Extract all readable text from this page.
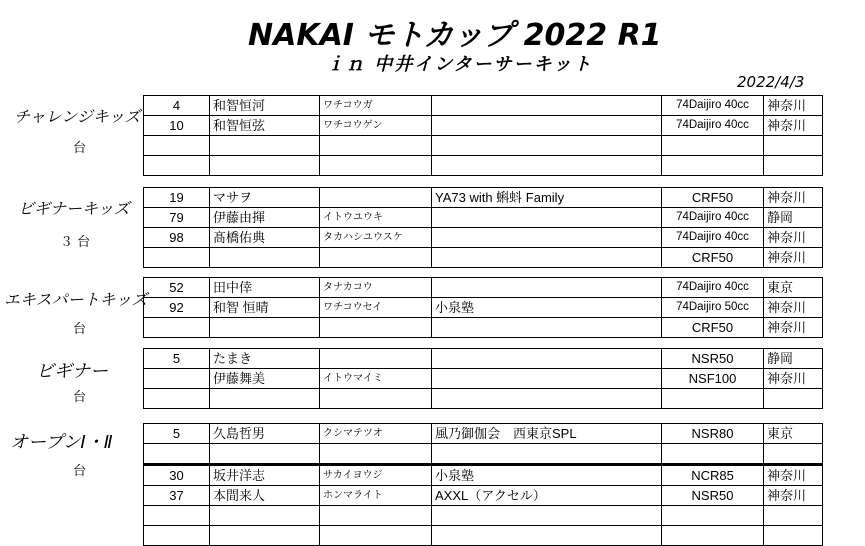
NAKAI モトカップ 2022 R1
ｉｎ 中井インターサーキット
2022/4/3
チャレンジキッズ
台
ビギナーキッズ
３ 台
エキスパートキッズ
台
ビギナー
台
オープンⅠ・Ⅱ
台
4	和智恒河	ワチコウガ		74Daijiro 40cc	神奈川
10	和智恒弦	ワチコウゲン		74Daijiro 40cc	神奈川

19	マサヲ		YA73 with 蝌蚪 Family	CRF50	神奈川
79	伊藤由揮	イトウユウキ		74Daijiro 40cc	静岡
98	髙橋佑典	タカハシユウスケ		74Daijiro 40cc	神奈川
				CRF50	神奈川
52	田中倖	タナカコウ		74Daijiro 40cc	東京
92	和智 恒晴	ワチコウセイ	小泉塾	74Daijiro 50cc	神奈川
				CRF50	神奈川
5	たまき			NSR50	静岡
	伊藤舞美	イトウマイミ		NSF100	神奈川

5	久島哲男	クシマテツオ	風乃御伽会　西東京SPL	NSR80	東京

30	坂井洋志	サカイヨウジ	小泉塾	NCR85	神奈川
37	本間来人	ホンマライト	AXXL（アクセル）	NSR50	神奈川
